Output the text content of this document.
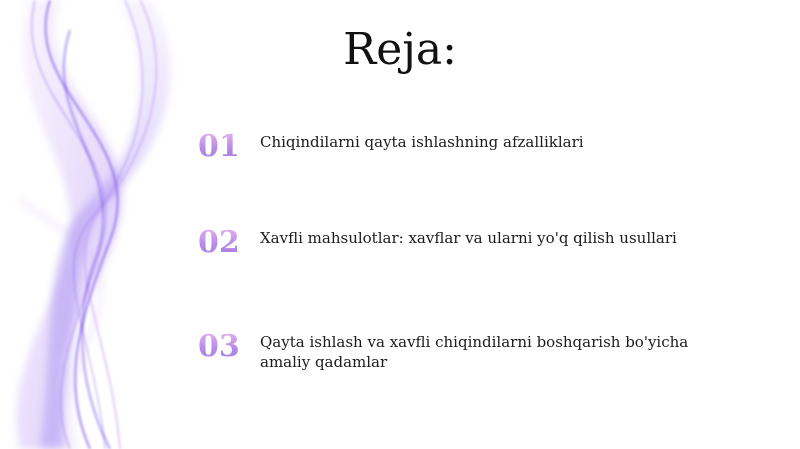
Reja:
01	Chiqindilarni qayta ishlashning afzalliklari
02	Xavfli mahsulotlar: xavflar va ularni yo'q qilish usullari
03	Qayta ishlash va xavfli chiqindilarni boshqarish bo'yicha amaliy qadamlar
